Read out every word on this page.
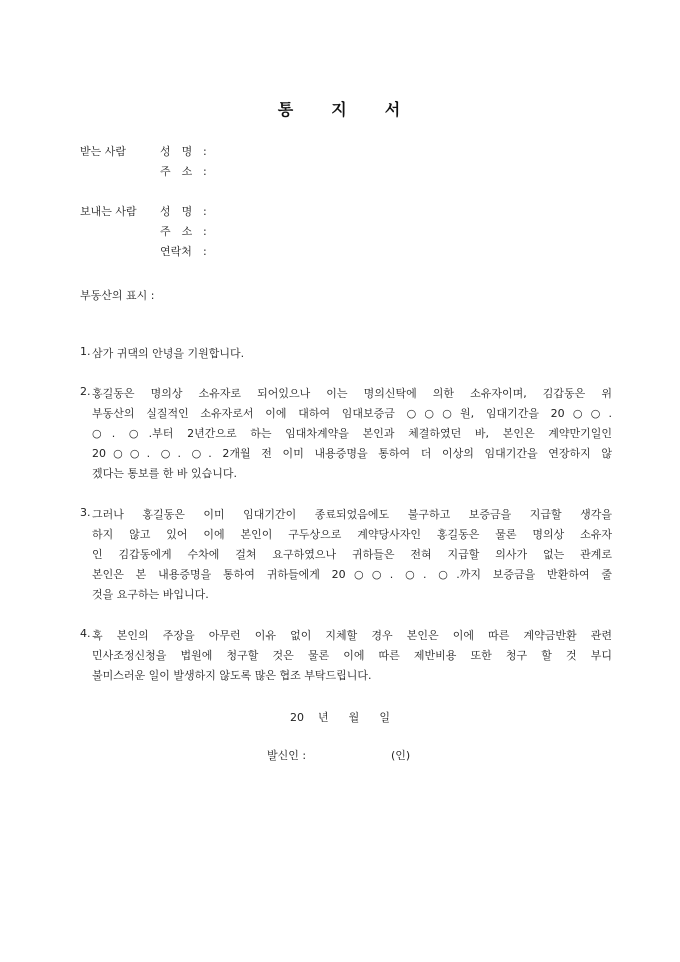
통 지 서
받는 사람	성　명 :
주　소 :
보내는 사람 성　명 :
주　소 :
연락처 :
부동산의 표시 :
1. 삼가 귀댁의 안녕을 기원합니다.
2. 홍길동은 명의상 소유자로 되어있으나 이는 명의신탁에 의한 소유자이며, 김갑동은 위
부동산의 실질적인 소유자로서 이에 대하여 임대보증금 ○○○원, 임대기간을 20○○.
○. ○.부터 2년간으로 하는 임대차계약을 본인과 체결하였던 바, 본인은 계약만기일인
20○○. ○. ○. 2개월 전 이미 내용증명을 통하여 더 이상의 임대기간을 연장하지 않
겠다는 통보를 한 바 있습니다.
3. 그러나 홍길동은 이미 임대기간이 종료되었음에도 불구하고 보증금을 지급할 생각을
하지 않고 있어 이에 본인이 구두상으로 계약당사자인 홍길동은 물론 명의상 소유자
인 김갑동에게 수차에 걸쳐 요구하였으나 귀하들은 전혀 지급할 의사가 없는 관계로
본인은 본 내용증명을 통하여 귀하들에게 20○○. ○. ○.까지 보증금을 반환하여 줄
것을 요구하는 바입니다.
4. 혹 본인의 주장을 아무런 이유 없이 지체할 경우 본인은 이에 따른 계약금반환 관련
민사조정신청을 법원에 청구할 것은 물론 이에 따른 제반비용 또한 청구 할 것 부디
불미스러운 일이 발생하지 않도록 많은 협조 부탁드립니다.
20 년 월 일
발신인 :	(인)
